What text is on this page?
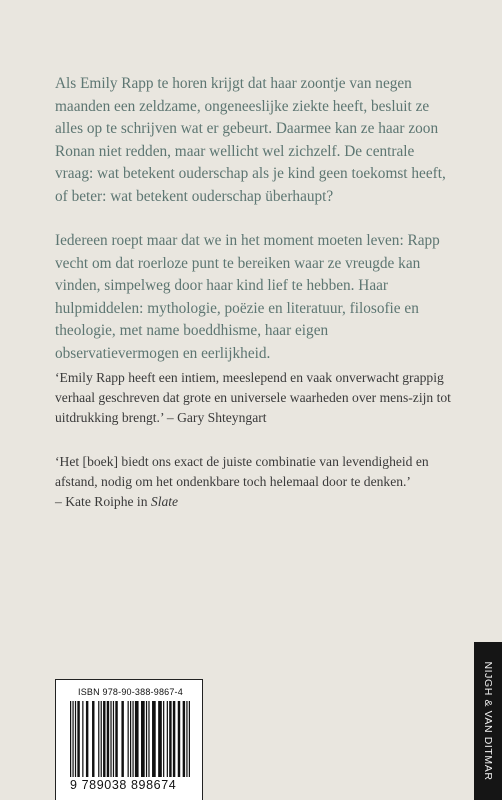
Als Emily Rapp te horen krijgt dat haar zoontje van negen maanden een zeldzame, ongeneeslijke ziekte heeft, besluit ze alles op te schrijven wat er gebeurt. Daarmee kan ze haar zoon Ronan niet redden, maar wellicht wel zichzelf. De centrale vraag: wat betekent ouderschap als je kind geen toekomst heeft, of beter: wat betekent ouderschap überhaupt?

Iedereen roept maar dat we in het moment moeten leven: Rapp vecht om dat roerloze punt te bereiken waar ze vreugde kan vinden, simpelweg door haar kind lief te hebben. Haar hulpmiddelen: mythologie, poëzie en literatuur, filosofie en theologie, met name boeddhisme, haar eigen observatievermogen en eerlijkheid.

‘Emily Rapp heeft een intiem, meeslepend en vaak onverwacht grappig verhaal geschreven dat grote en universele waarheden over mens-zijn tot uitdrukking brengt.’ – Gary Shteyngart

‘Het [boek] biedt ons exact de juiste combinatie van levendigheid en afstand, nodig om het ondenkbare toch helemaal door te denken.’
– Kate Roiphe in Slate

ISBN 978-90-388-9867-4
9 789038 898674
NIJGH & VAN DITMAR
